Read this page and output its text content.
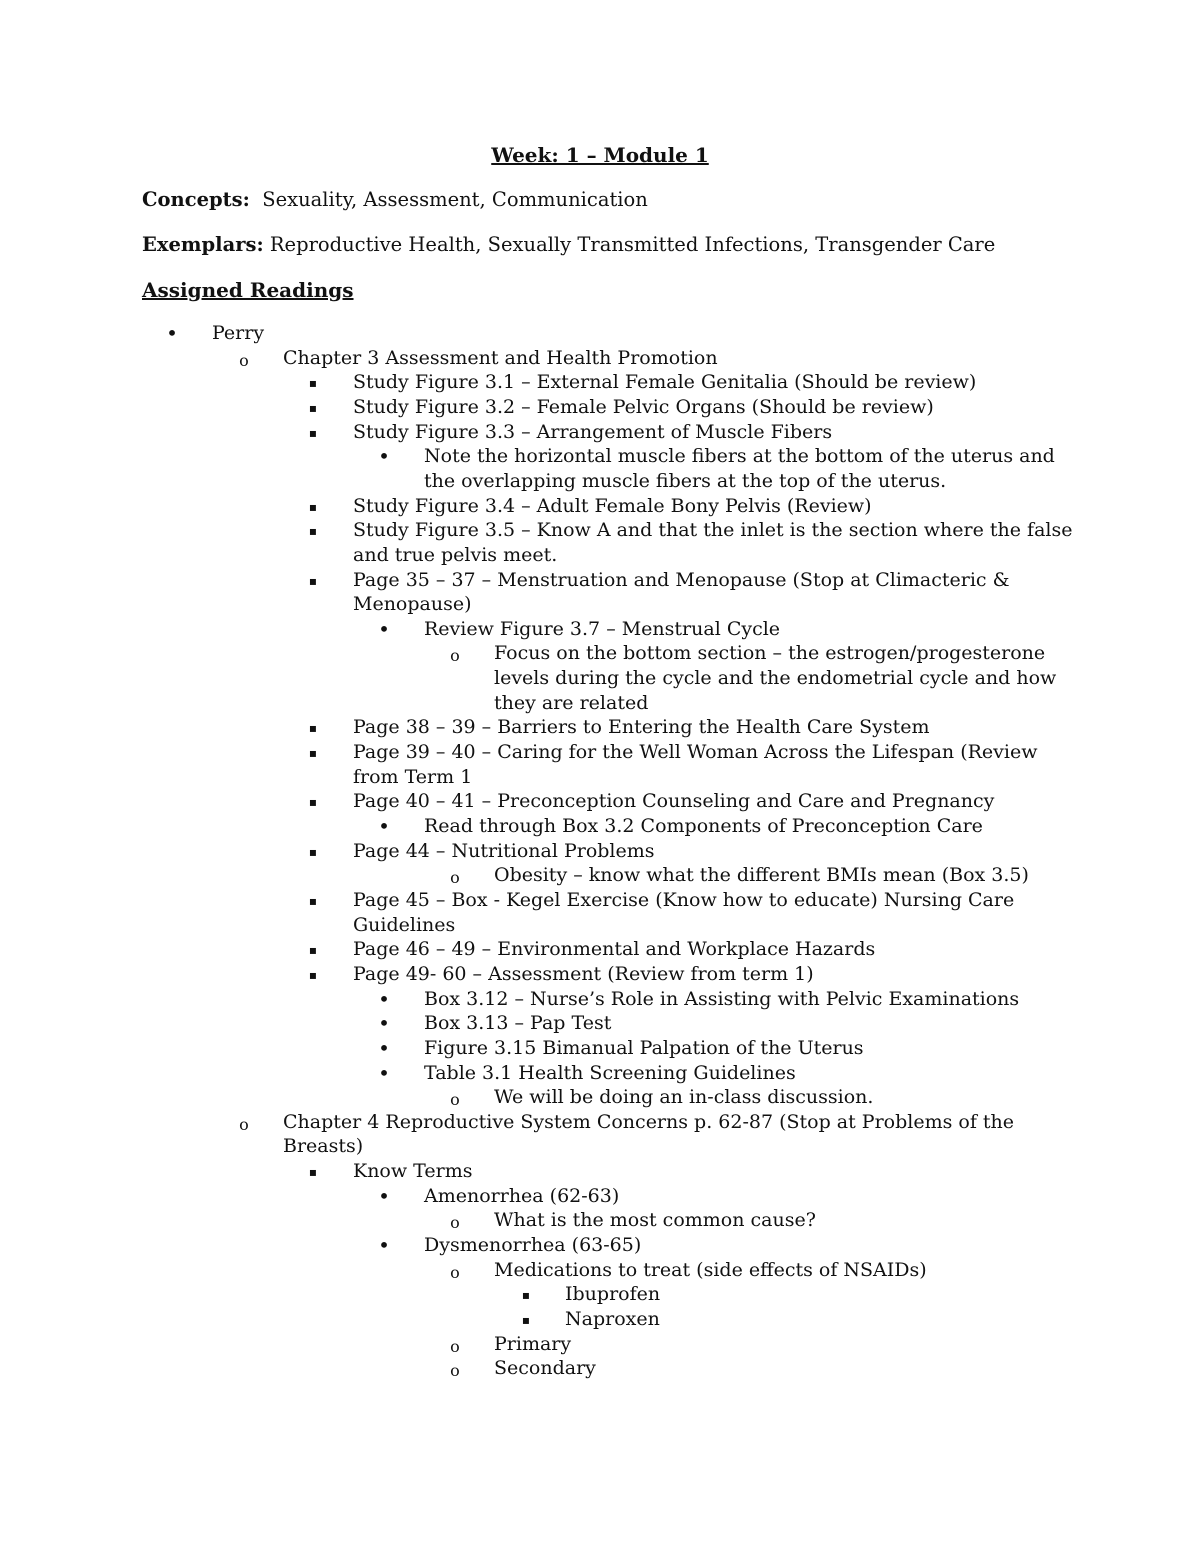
Week: 1 – Module 1
Concepts: Sexuality, Assessment, Communication
Exemplars: Reproductive Health, Sexually Transmitted Infections, Transgender Care
Assigned Readings
• Perry
o Chapter 3 Assessment and Health Promotion
▪	Study Figure 3.1 – External Female Genitalia (Should be review)
▪	Study Figure 3.2 – Female Pelvic Organs (Should be review)
▪	Study Figure 3.3 – Arrangement of Muscle Fibers
• Note the horizontal muscle fibers at the bottom of the uterus and
the overlapping muscle fibers at the top of the uterus.
▪	Study Figure 3.4 – Adult Female Bony Pelvis (Review)
▪	Study Figure 3.5 – Know A and that the inlet is the section where the false
and true pelvis meet.
▪	Page 35 – 37 – Menstruation and Menopause (Stop at Climacteric &
Menopause)
• Review Figure 3.7 – Menstrual Cycle
o Focus on the bottom section – the estrogen/progesterone
levels during the cycle and the endometrial cycle and how
they are related
▪	Page 38 – 39 – Barriers to Entering the Health Care System
▪	Page 39 – 40 – Caring for the Well Woman Across the Lifespan (Review
from Term 1
▪	Page 40 – 41 – Preconception Counseling and Care and Pregnancy
• Read through Box 3.2 Components of Preconception Care
▪	Page 44 – Nutritional Problems
o Obesity – know what the different BMIs mean (Box 3.5)
▪	Page 45 – Box - Kegel Exercise (Know how to educate) Nursing Care
Guidelines
▪	Page 46 – 49 – Environmental and Workplace Hazards
▪	Page 49- 60 – Assessment (Review from term 1)
• Box 3.12 – Nurse’s Role in Assisting with Pelvic Examinations
• Box 3.13 – Pap Test
• Figure 3.15 Bimanual Palpation of the Uterus
• Table 3.1 Health Screening Guidelines
o We will be doing an in-class discussion.
o Chapter 4 Reproductive System Concerns p. 62-87 (Stop at Problems of the
Breasts)
▪	Know Terms
• Amenorrhea (62-63)
o What is the most common cause?
• Dysmenorrhea (63-65)
o Medications to treat (side effects of NSAIDs)
▪	Ibuprofen
▪	Naproxen
o Primary
o Secondary
